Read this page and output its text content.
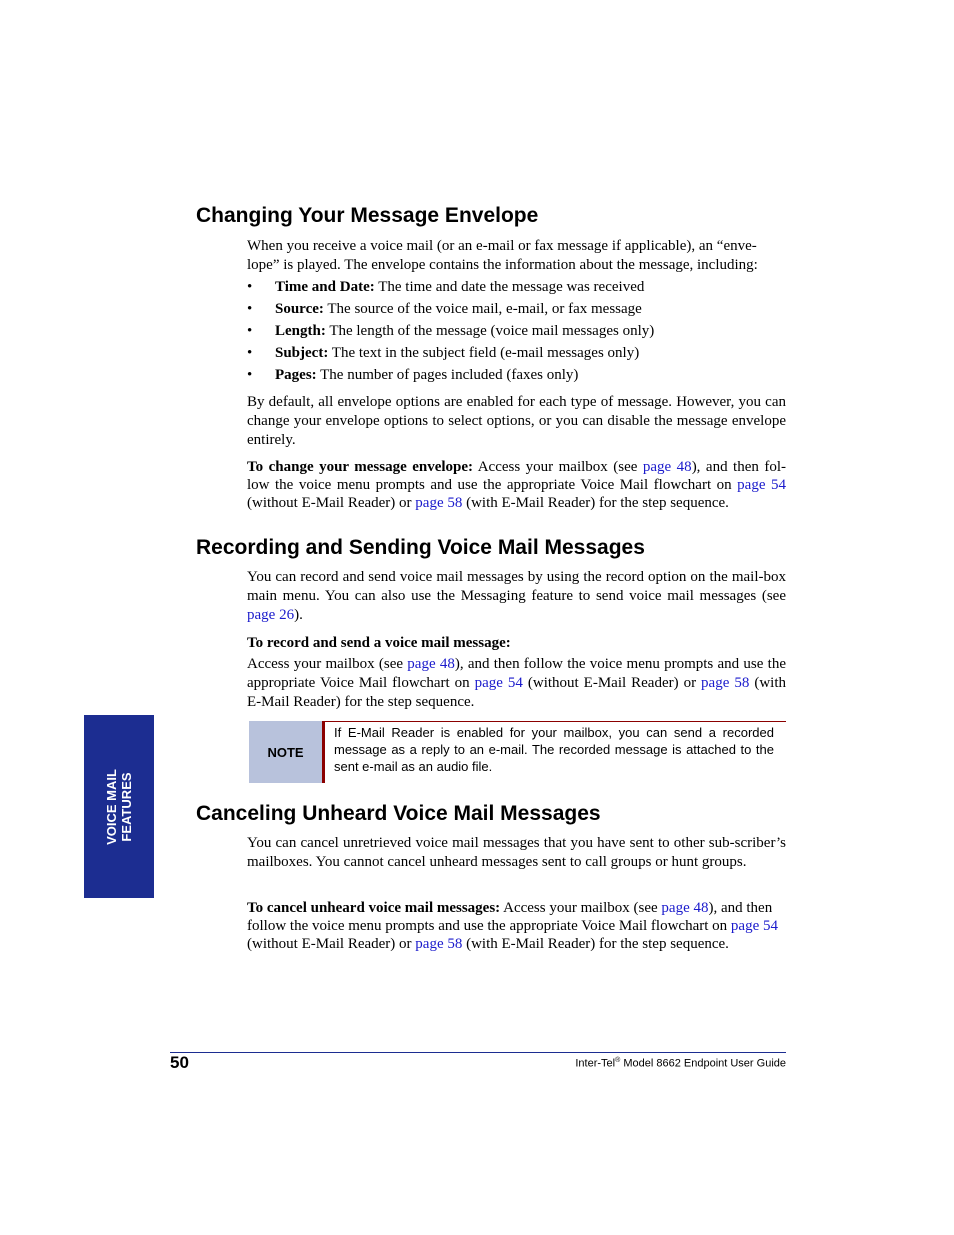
Changing Your Message Envelope

When you receive a voice mail (or an e-mail or fax message if applicable), an “enve-

lope” is played. The envelope contains the information about the message, including:

• Time and Date: The time and date the message was received
• Source: The source of the voice mail, e-mail, or fax message
• Length: The length of the message (voice mail messages only)
• Subject: The text in the subject field (e-mail messages only)
• Pages: The number of pages included (faxes only)

By default, all envelope options are enabled for each type of message. However, you can change your envelope options to select options, or you can disable the message envelope entirely.

To change your message envelope: Access your mailbox (see page 48), and then fol-low the voice menu prompts and use the appropriate Voice Mail flowchart on page 54 (without E-Mail Reader) or page 58 (with E-Mail Reader) for the step sequence.

Recording and Sending Voice Mail Messages

You can record and send voice mail messages by using the record option on the mail-box main menu. You can also use the Messaging feature to send voice mail messages (see page 26).

To record and send a voice mail message:

Access your mailbox (see page 48), and then follow the voice menu prompts and use the appropriate Voice Mail flowchart on page 54 (without E-Mail Reader) or page 58 (with E-Mail Reader) for the step sequence.

NOTE
If E-Mail Reader is enabled for your mailbox, you can send a recorded message as a reply to an e-mail. The recorded message is attached to the sent e-mail as an audio file.
Canceling Unheard Voice Mail Messages

You can cancel unretrieved voice mail messages that you have sent to other sub-scriber’s mailboxes. You cannot cancel unheard messages sent to call groups or hunt groups.

To cancel unheard voice mail messages: Access your mailbox (see page 48), and then follow the voice menu prompts and use the appropriate Voice Mail flowchart on page 54 (without E-Mail Reader) or page 58 (with E-Mail Reader) for the step sequence.

VOICE MAIL FEATURES
50	Inter-Tel® Model 8662 Endpoint User Guide
